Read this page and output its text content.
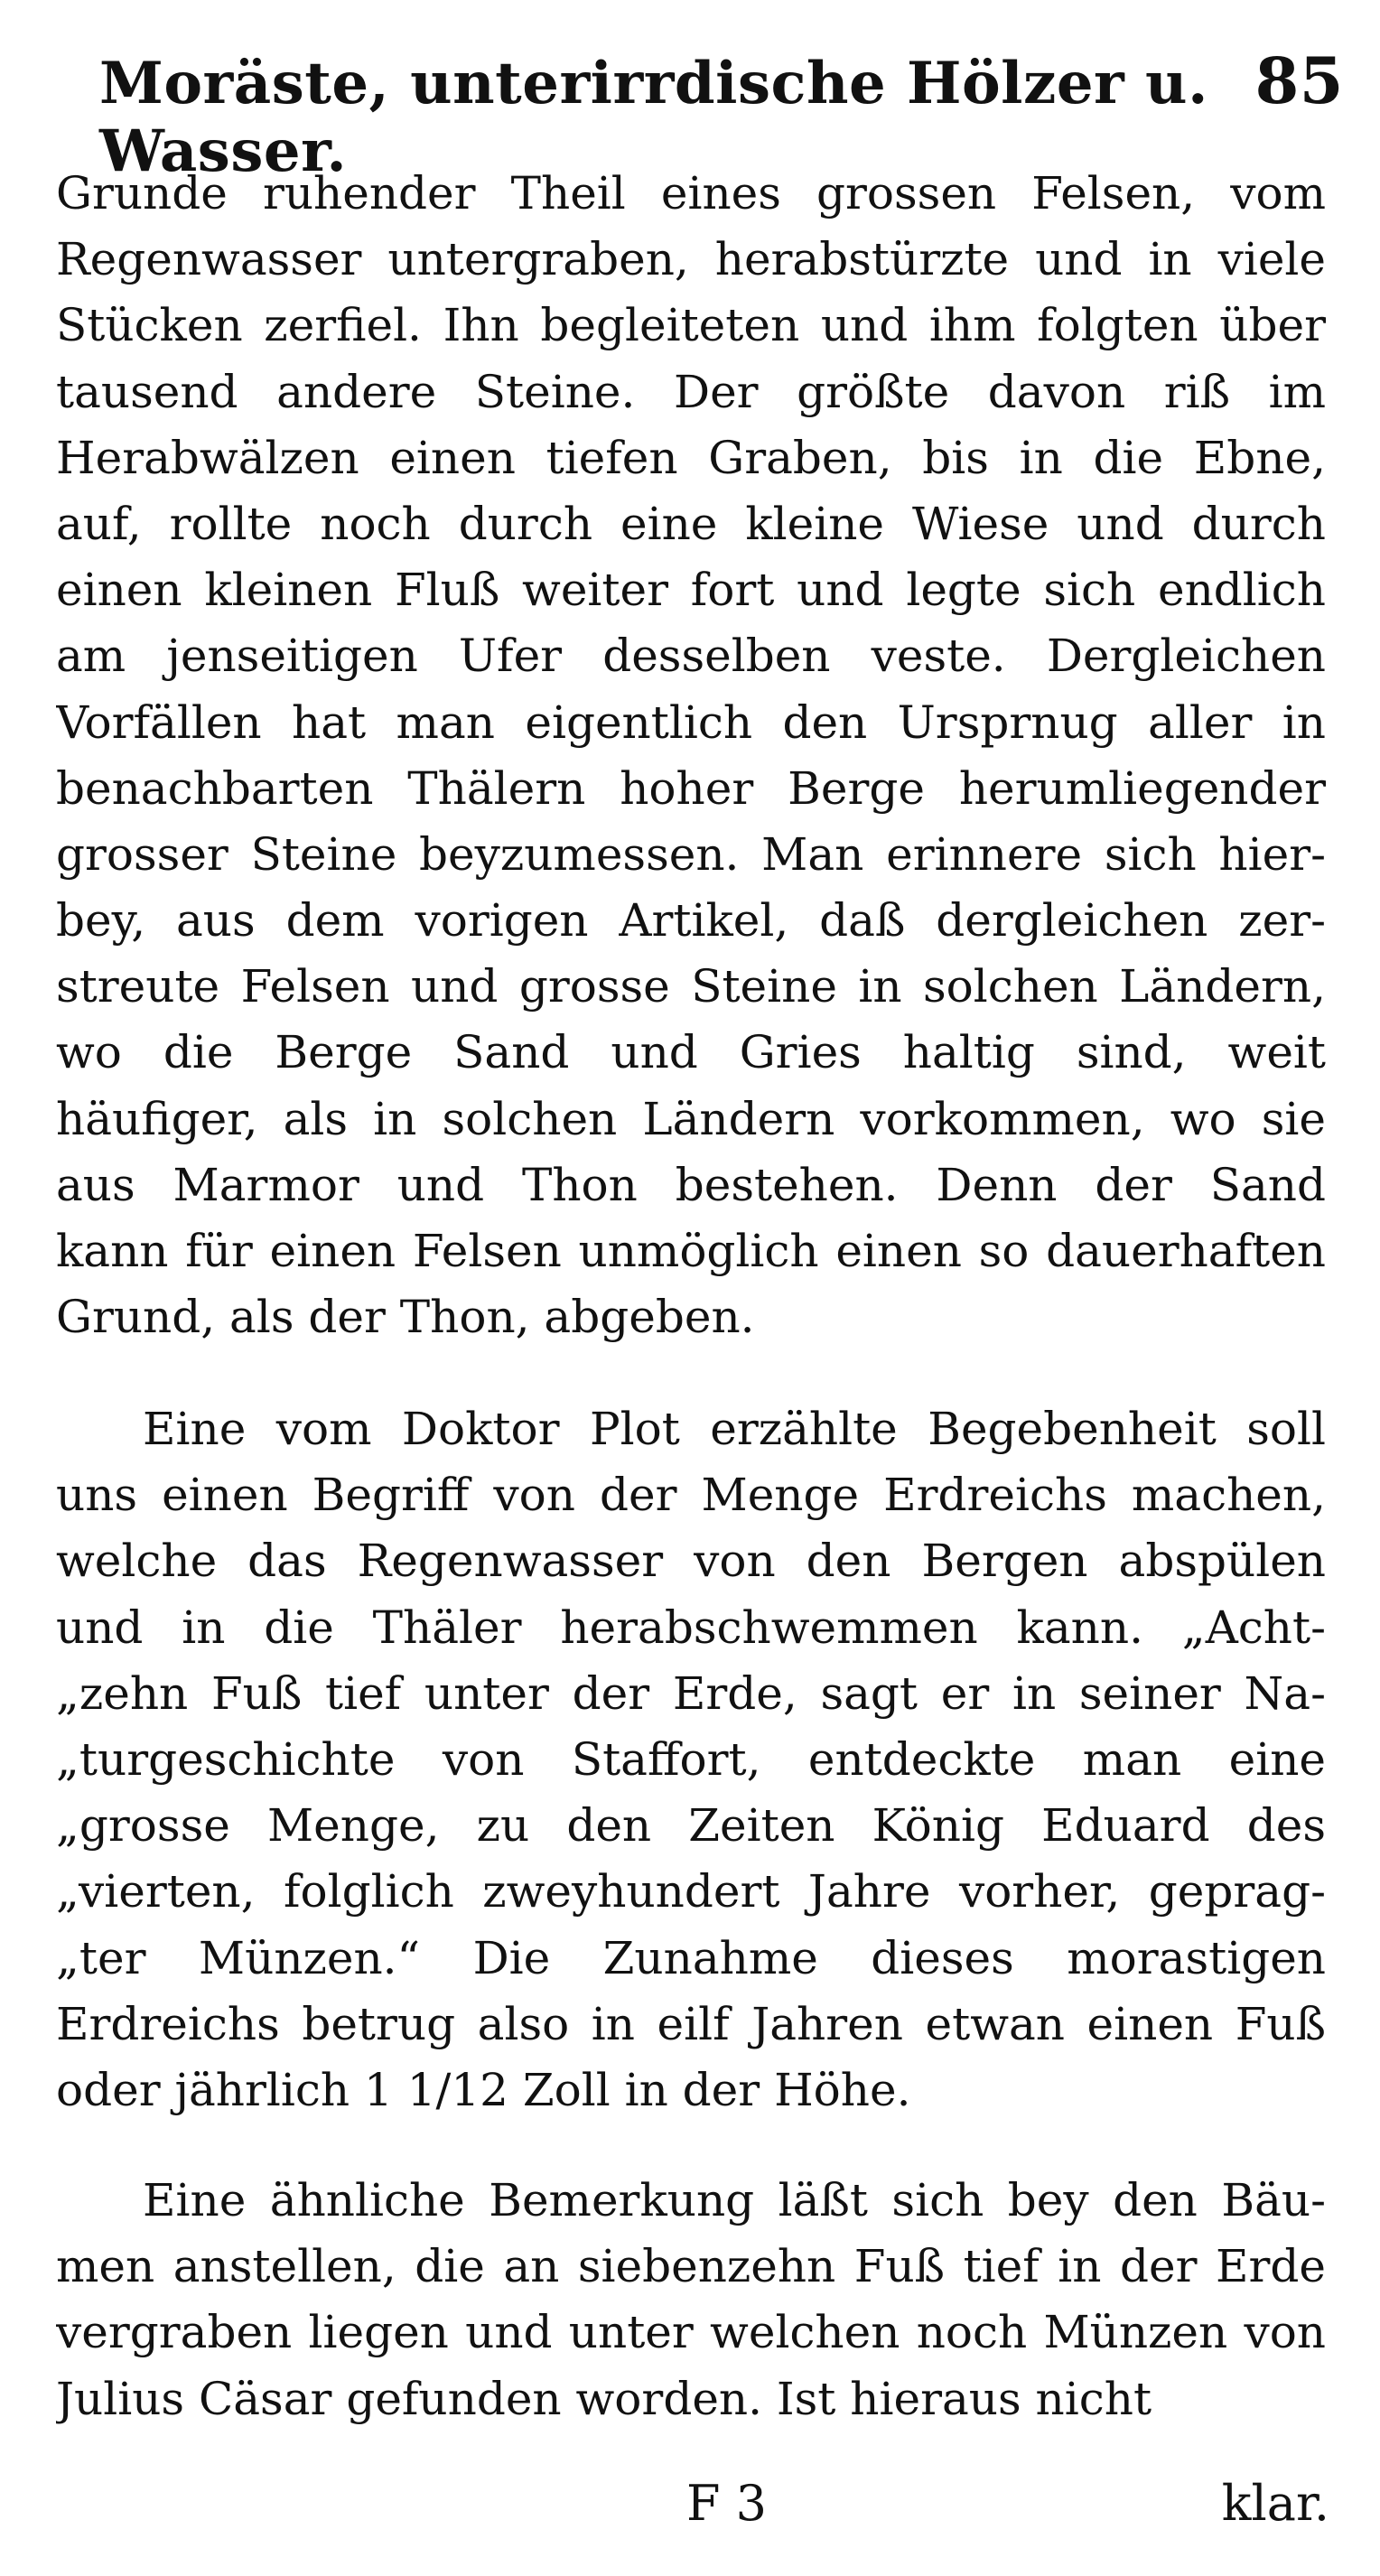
Moräste, unterirrdische Hölzer u. Wasser.
85
Grunde ruhender Theil eines grossen Felsen, vom
Regenwasser untergraben, herabstürzte und in viele
Stücken zerfiel. Ihn begleiteten und ihm folgten über
tausend andere Steine. Der größte davon riß im
Herabwälzen einen tiefen Graben, bis in die Ebne,
auf, rollte noch durch eine kleine Wiese und durch
einen kleinen Fluß weiter fort und legte sich endlich
am jenseitigen Ufer desselben veste. Dergleichen
Vorfällen hat man eigentlich den Ursprnug aller in
benachbarten Thälern hoher Berge herumliegender
grosser Steine beyzumessen. Man erinnere sich hier-
bey, aus dem vorigen Artikel, daß dergleichen zer-
streute Felsen und grosse Steine in solchen Ländern,
wo die Berge Sand und Gries haltig sind, weit
häufiger, als in solchen Ländern vorkommen, wo sie
aus Marmor und Thon bestehen. Denn der Sand
kann für einen Felsen unmöglich einen so dauerhaften
Grund, als der Thon, abgeben.
Eine vom Doktor Plot erzählte Begebenheit soll
uns einen Begriff von der Menge Erdreichs machen,
welche das Regenwasser von den Bergen abspülen
und in die Thäler herabschwemmen kann. „Acht-
„zehn Fuß tief unter der Erde, sagt er in seiner Na-
„turgeschichte von Staffort, entdeckte man eine
„grosse Menge, zu den Zeiten König Eduard des
„vierten, folglich zweyhundert Jahre vorher, geprag-
„ter Münzen.“ Die Zunahme dieses morastigen
Erdreichs betrug also in eilf Jahren etwan einen Fuß
oder jährlich 1 1/12 Zoll in der Höhe.
Eine ähnliche Bemerkung läßt sich bey den Bäu-
men anstellen, die an siebenzehn Fuß tief in der Erde
vergraben liegen und unter welchen noch Münzen von
Julius Cäsar gefunden worden. Ist hieraus nicht
F 3	klar.
